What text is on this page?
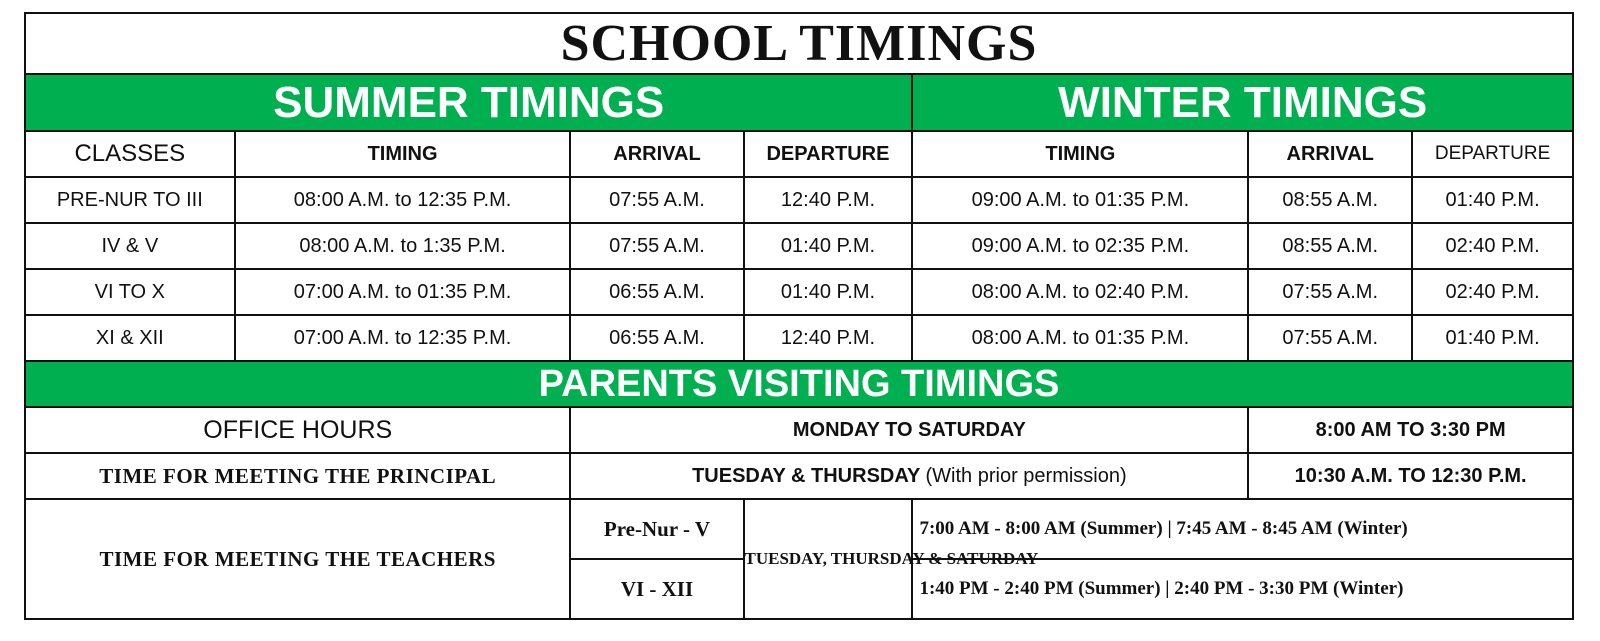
SCHOOL TIMINGS						
SUMMER TIMINGS				WINTER TIMINGS		
CLASSES	TIMING	ARRIVAL	DEPARTURE	TIMING	ARRIVAL	DEPARTURE
PRE-NUR TO III	08:00 A.M. to 12:35 P.M.	07:55 A.M.	12:40 P.M.	09:00 A.M. to 01:35 P.M.	08:55 A.M.	01:40 P.M.
IV & V	08:00 A.M. to 1:35 P.M.	07:55 A.M.	01:40 P.M.	09:00 A.M. to 02:35 P.M.	08:55 A.M.	02:40 P.M.
VI TO X	07:00 A.M. to 01:35 P.M.	06:55 A.M.	01:40 P.M.	08:00 A.M. to 02:40 P.M.	07:55 A.M.	02:40 P.M.
XI & XII	07:00 A.M. to 12:35 P.M.	06:55 A.M.	12:40 P.M.	08:00 A.M. to 01:35 P.M.	07:55 A.M.	01:40 P.M.
PARENTS VISITING TIMINGS						
OFFICE HOURS		MONDAY TO SATURDAY			8:00 AM TO 3:30 PM	
TIME FOR MEETING THE PRINCIPAL		TUESDAY & THURSDAY (With prior permission)			10:30 A.M. TO 12:30 P.M.	
TIME FOR MEETING THE TEACHERS		Pre-Nur - V	TUESDAY, THURSDAY & SATURDAY	7:00 AM - 8:00 AM (Summer) | 7:45 AM - 8:45 AM (Winter)		
		VI - XII		1:40 PM - 2:40 PM (Summer) | 2:40 PM - 3:30 PM (Winter)		
